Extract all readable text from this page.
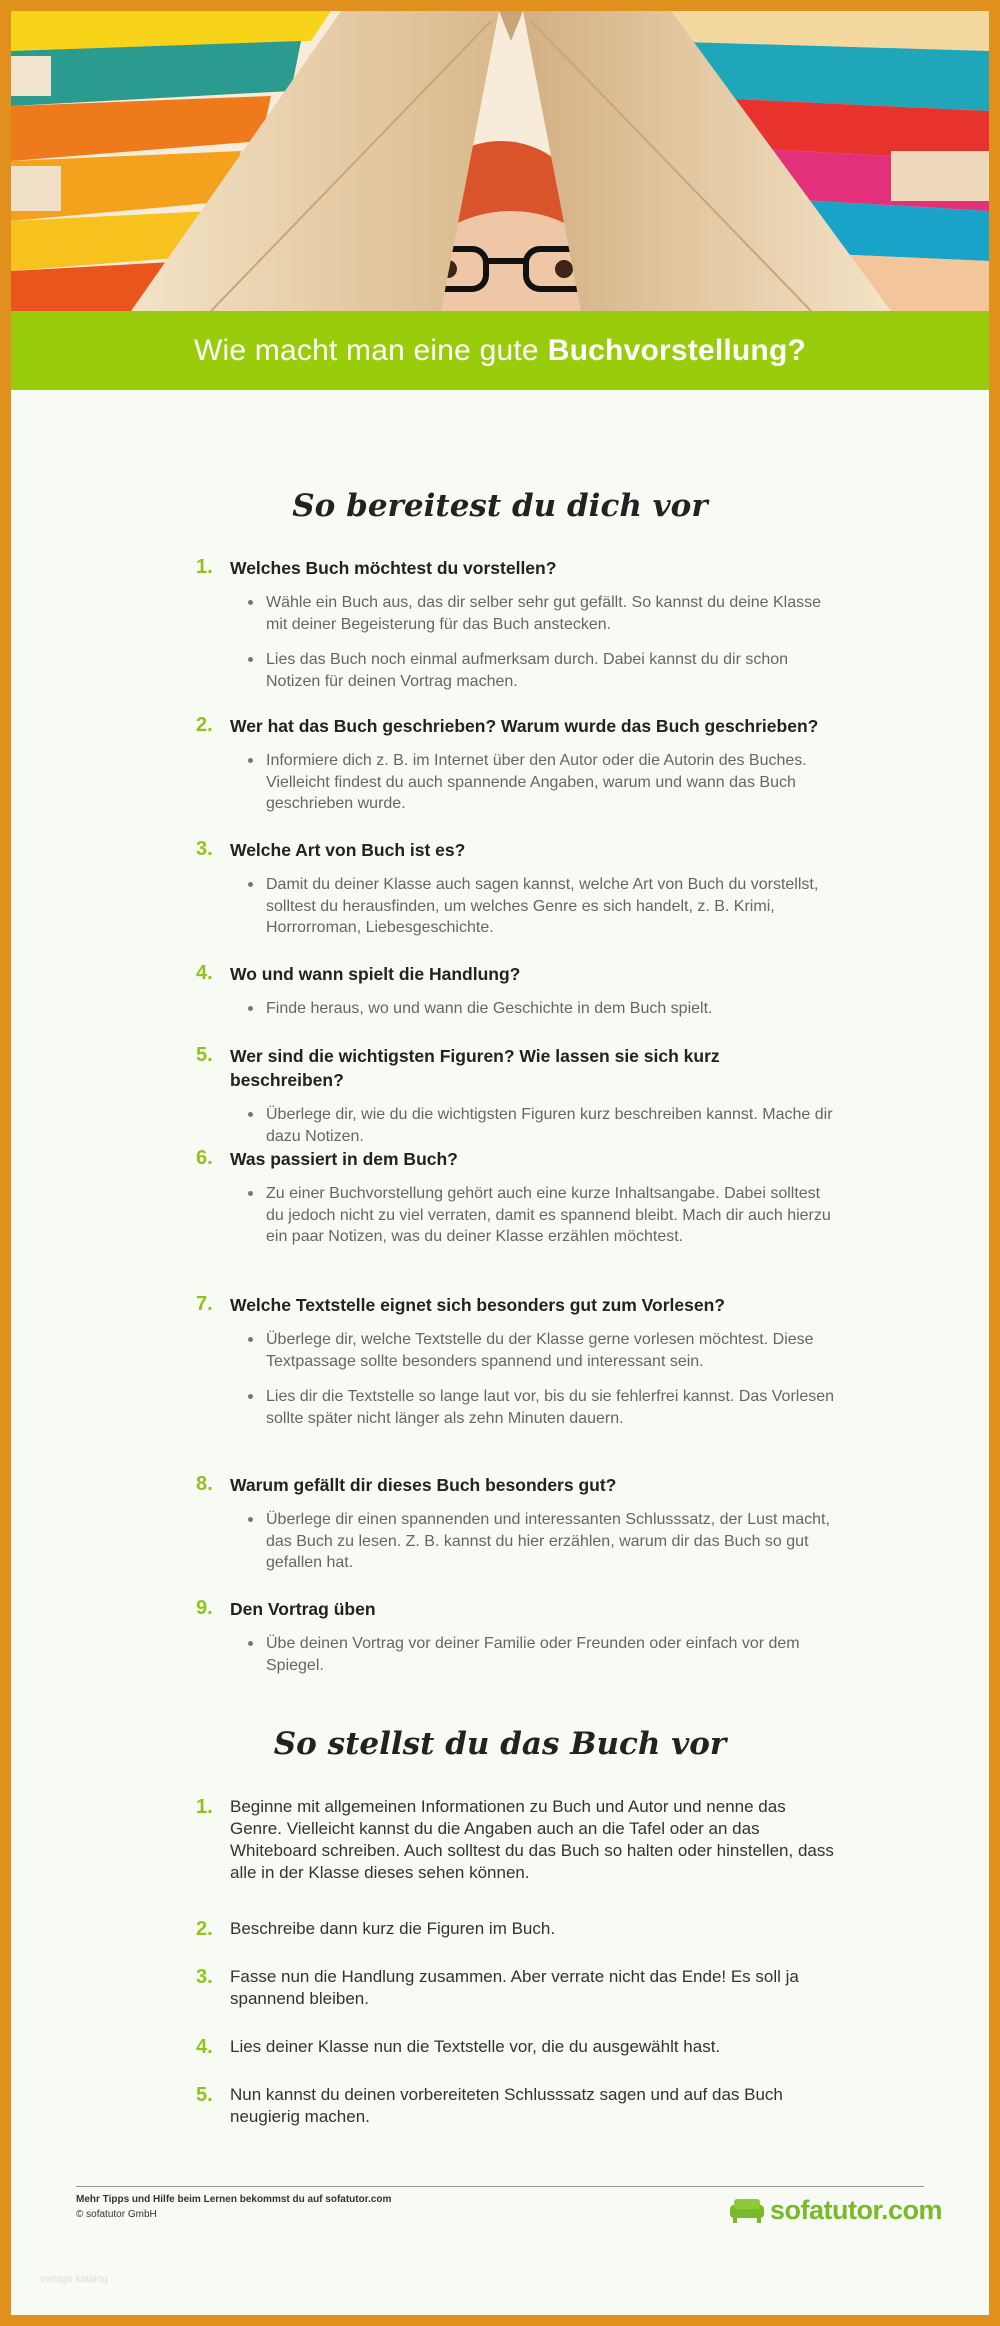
Wie macht man eine gute Buchvorstellung?
So bereitest du dich vor
1. Welches Buch möchtest du vorstellen?
Wähle ein Buch aus, das dir selber sehr gut gefällt. So kannst du deine Klasse mit deiner Begeisterung für das Buch anstecken.
Lies das Buch noch einmal aufmerksam durch. Dabei kannst du dir schon Notizen für deinen Vortrag machen.
2. Wer hat das Buch geschrieben? Warum wurde das Buch geschrieben?
Informiere dich z. B. im Internet über den Autor oder die Autorin des Buches. Vielleicht findest du auch spannende Angaben, warum und wann das Buch geschrieben wurde.
3. Welche Art von Buch ist es?
Damit du deiner Klasse auch sagen kannst, welche Art von Buch du vorstellst, solltest du herausfinden, um welches Genre es sich handelt, z. B. Krimi, Horrorroman, Liebesgeschichte.
4. Wo und wann spielt die Handlung?
Finde heraus, wo und wann die Geschichte in dem Buch spielt.
5. Wer sind die wichtigsten Figuren? Wie lassen sie sich kurz beschreiben?
Überlege dir, wie du die wichtigsten Figuren kurz beschreiben kannst. Mache dir dazu Notizen.
6. Was passiert in dem Buch?
Zu einer Buchvorstellung gehört auch eine kurze Inhaltsangabe. Dabei solltest du jedoch nicht zu viel verraten, damit es spannend bleibt. Mach dir auch hierzu ein paar Notizen, was du deiner Klasse erzählen möchtest.
7. Welche Textstelle eignet sich besonders gut zum Vorlesen?
Überlege dir, welche Textstelle du der Klasse gerne vorlesen möchtest. Diese Textpassage sollte besonders spannend und interessant sein.
Lies dir die Textstelle so lange laut vor, bis du sie fehlerfrei kannst. Das Vorlesen sollte später nicht länger als zehn Minuten dauern.
8. Warum gefällt dir dieses Buch besonders gut?
Überlege dir einen spannenden und interessanten Schlusssatz, der Lust macht, das Buch zu lesen. Z. B. kannst du hier erzählen, warum dir das Buch so gut gefallen hat.
9. Den Vortrag üben
Übe deinen Vortrag vor deiner Familie oder Freunden oder einfach vor dem Spiegel.
So stellst du das Buch vor
1.	Beginne mit allgemeinen Informationen zu Buch und Autor und nenne das Genre. Vielleicht kannst du die Angaben auch an die Tafel oder an das Whiteboard schreiben. Auch solltest du das Buch so halten oder hinstellen, dass alle in der Klasse dieses sehen können.
2.	Beschreibe dann kurz die Figuren im Buch.
3.	Fasse nun die Handlung zusammen. Aber verrate nicht das Ende! Es soll ja spannend bleiben.
4.	Lies deiner Klasse nun die Textstelle vor, die du ausgewählt hast.
5.	Nun kannst du deinen vorbereiteten Schlusssatz sagen und auf das Buch neugierig machen.
Mehr Tipps und Hilfe beim Lernen bekommst du auf sofatutor.com
© sofatutor GmbH	sofatutor.com
vorlage katalog
